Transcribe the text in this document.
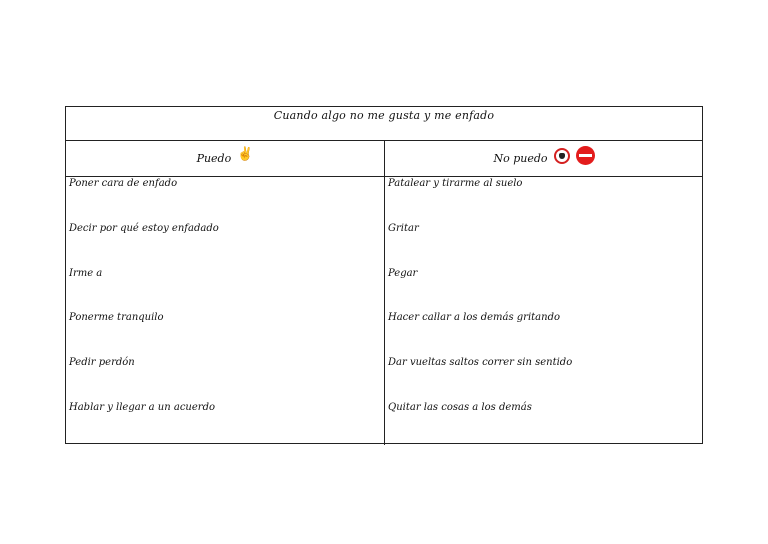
Cuando algo no me gusta y me enfado
Puedo ✌	No puedo
Poner cara de enfado
Decir por qué estoy enfadado
Irme a
Ponerme tranquilo
Pedir perdón
Hablar y llegar a un acuerdo
Patalear y tirarme al suelo
Gritar
Pegar
Hacer callar a los demás gritando
Dar vueltas saltos correr sin sentido
Quitar las cosas a los demás
